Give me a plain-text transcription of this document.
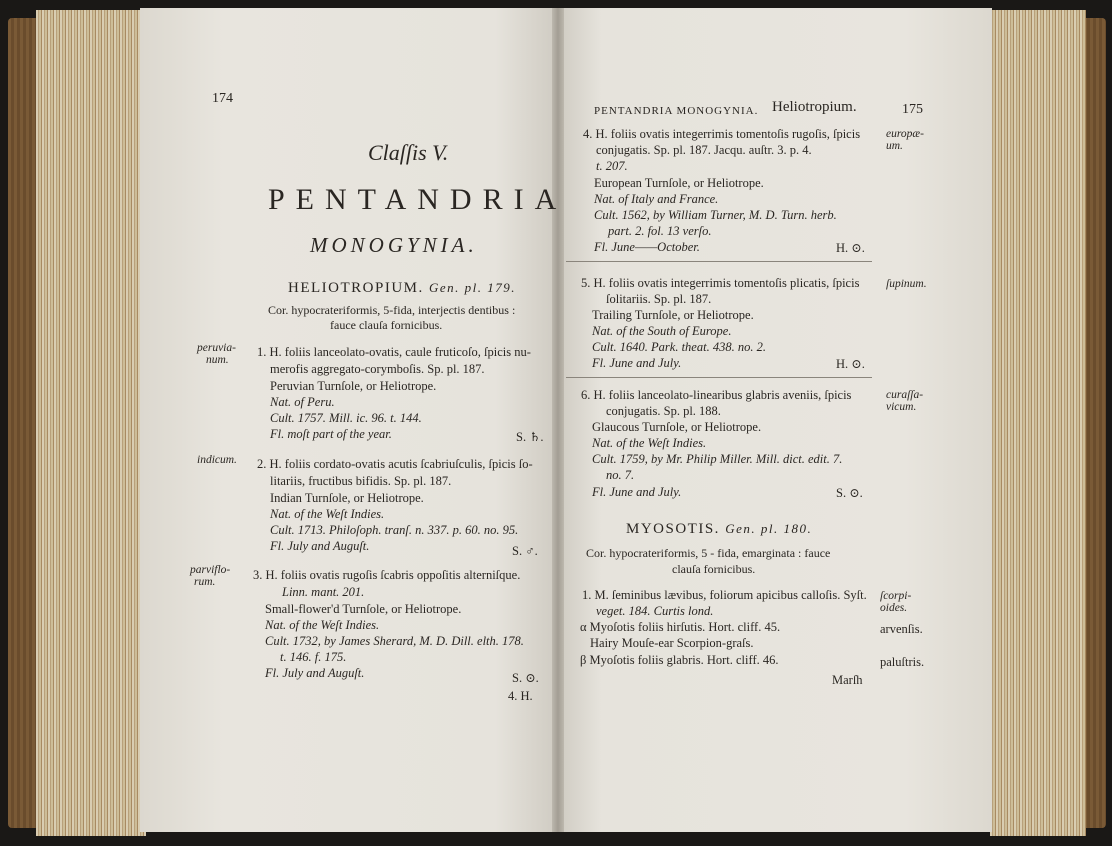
174
Claſſis V.
PENTANDRIA
MONOGYNIA.
HELIOTROPIUM. Gen. pl. 179.
Cor. hypocrateriformis, 5-fida, interjectis dentibus :
fauce clauſa fornicibus.
peruvia-
num.
1. H. foliis lanceolato-ovatis, caule fruticoſo, ſpicis nu-
merofis aggregato-corymboſis. Sp. pl. 187.
Peruvian Turnſole, or Heliotrope.
Nat. of Peru.
Cult. 1757. Mill. ic. 96. t. 144.
Fl. moſt part of the year.	S. ♄.
indicum. 2. H. foliis cordato-ovatis acutis ſcabriuſculis, ſpicis ſo-
litariis, fructibus bifidis. Sp. pl. 187.
Indian Turnſole, or Heliotrope.
Nat. of the Weſt Indies.
Cult. 1713. Philoſoph. tranſ. n. 337. p. 60. no. 95.
Fl. July and Auguſt.	S. ♂.
parviflo-
rum.	3. H. foliis ovatis rugoſis ſcabris oppoſitis alterniſque.
Linn. mant. 201.
Small-flower'd Turnſole, or Heliotrope.
Nat. of the Weſt Indies.
Cult. 1732, by James Sherard, M. D. Dill. elth. 178.
t. 146. f. 175.
Fl. July and Auguſt.	S. ⊙.
4. H.
PENTANDRIA MONOGYNIA. Heliotropium.	175
4. H. foliis ovatis integerrimis tomentoſis rugoſis, ſpicis
conjugatis. Sp. pl. 187. Jacqu. auſtr. 3. p. 4.
t. 207.
European Turnſole, or Heliotrope.
Nat. of Italy and France.
Cult. 1562, by William Turner, M. D. Turn. herb.
part. 2. fol. 13 verſo.
Fl. June——October.	H. ⊙.
europæ-
um.
5. H. foliis ovatis integerrimis tomentoſis plicatis, ſpicis
ſolitariis. Sp. pl. 187.
Trailing Turnſole, or Heliotrope.
Nat. of the South of Europe.
Cult. 1640. Park. theat. 438. no. 2.
Fl. June and July.	H. ⊙.
ſupinum.
6. H. foliis lanceolato-linearibus glabris aveniis, ſpicis
conjugatis. Sp. pl. 188.
Glaucous Turnſole, or Heliotrope.
Nat. of the Weſt Indies.
Cult. 1759, by Mr. Philip Miller. Mill. dict. edit. 7.
no. 7.
Fl. June and July.	S. ⊙.
curaſſa-
vicum.
MYOSOTIS. Gen. pl. 180.
Cor. hypocrateriformis, 5 - fida, emarginata : fauce
clauſa fornicibus.
1. M. ſeminibus lævibus, foliorum apicibus calloſis. Syſt.
veget. 184. Curtis lond.
ſcorpi-
oides.
α Myoſotis foliis hirſutis. Hort. cliff. 45.	arvenſis.
Hairy Mouſe-ear Scorpion-graſs.
β Myoſotis foliis glabris. Hort. cliff. 46.	paluſtris.
Marſh
